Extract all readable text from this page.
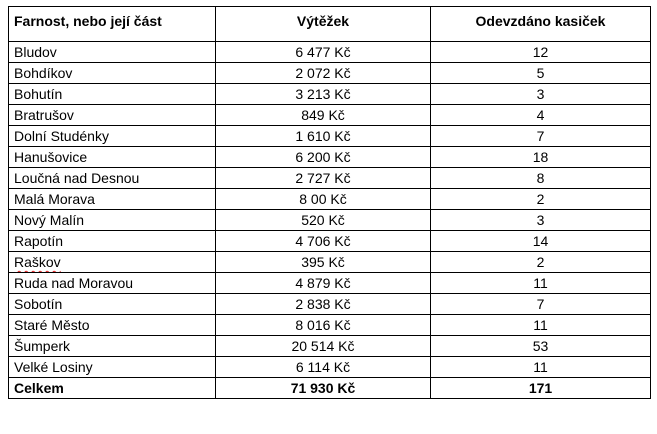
Farnost, nebo její část	Výtěžek	Odevzdáno kasiček
Bludov	6 477 Kč	12
Bohdíkov	2 072 Kč	5
Bohutín	3 213 Kč	3
Bratrušov	849 Kč	4
Dolní Studénky	1 610 Kč	7
Hanušovice	6 200 Kč	18
Loučná nad Desnou	2 727 Kč	8
Malá Morava	8 00 Kč	2
Nový Malín	520 Kč	3
Rapotín	4 706 Kč	14
Raškov	395 Kč	2
Ruda nad Moravou	4 879 Kč	11
Sobotín	2 838 Kč	7
Staré Město	8 016 Kč	11
Šumperk	20 514 Kč	53
Velké Losiny	6 114 Kč	11
Celkem	71 930 Kč	171
